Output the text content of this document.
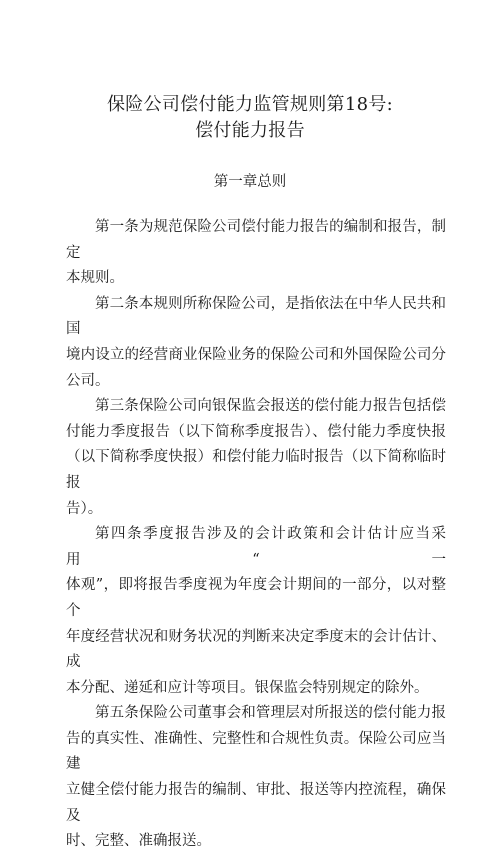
保险公司偿付能力监管规则第18号:
偿付能力报告
第一章总则
第一条为规范保险公司偿付能力报告的编制和报告，制定
本规则。
第二条本规则所称保险公司，是指依法在中华人民共和国
境内设立的经营商业保险业务的保险公司和外国保险公司分
公司。
第三条保险公司向银保监会报送的偿付能力报告包括偿
付能力季度报告（以下简称季度报告）、偿付能力季度快报
（以下简称季度快报）和偿付能力临时报告（以下简称临时报
告）。
第四条季度报告涉及的会计政策和会计估计应当采用“一
体观”，即将报告季度视为年度会计期间的一部分，以对整个
年度经营状况和财务状况的判断来决定季度末的会计估计、成
本分配、递延和应计等项目。银保监会特别规定的除外。
第五条保险公司董事会和管理层对所报送的偿付能力报
告的真实性、准确性、完整性和合规性负责。保险公司应当建
立健全偿付能力报告的编制、审批、报送等内控流程，确保及
时、完整、准确报送。
